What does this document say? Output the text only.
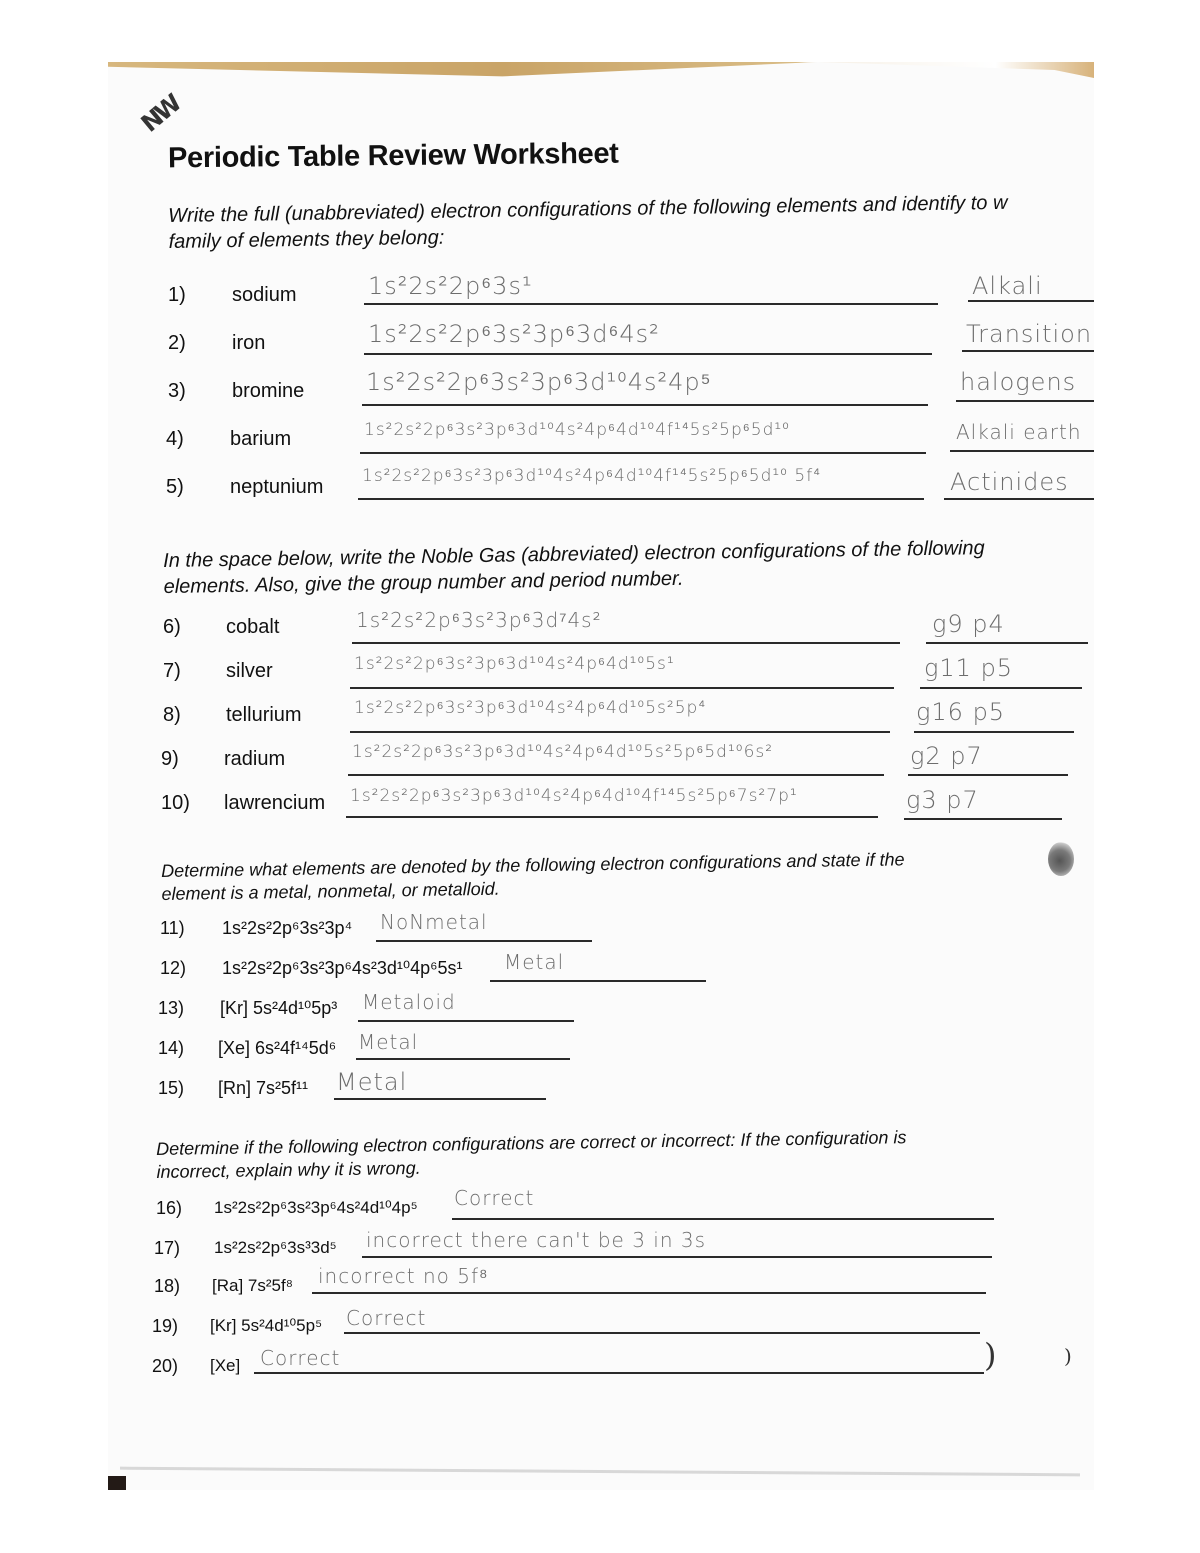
)	)
NW
Periodic Table Review Worksheet
Write the full (unabbreviated) electron configurations of the following elements and identify to w
family of elements they belong:
1) sodium	1s²2s²2p⁶3s¹	Alkali
2) iron	1s²2s²2p⁶3s²3p⁶3d⁶4s²	Transition
3) bromine	1s²2s²2p⁶3s²3p⁶3d¹⁰4s²4p⁵	halogens
4) barium	1s²2s²2p⁶3s²3p⁶3d¹⁰4s²4p⁶4d¹⁰4f¹⁴5s²5p⁶5d¹⁰	Alkali earth
5) neptunium 1s²2s²2p⁶3s²3p⁶3d¹⁰4s²4p⁶4d¹⁰4f¹⁴5s²5p⁶5d¹⁰ 5f⁴	Actinides
In the space below, write the Noble Gas (abbreviated) electron configurations of the following
elements. Also, give the group number and period number.
6) cobalt	1s²2s²2p⁶3s²3p⁶3d⁷4s²	g9 p4
7) silver	1s²2s²2p⁶3s²3p⁶3d¹⁰4s²4p⁶4d¹⁰5s¹	g11 p5
8) tellurium	1s²2s²2p⁶3s²3p⁶3d¹⁰4s²4p⁶4d¹⁰5s²5p⁴	g16 p5
9) radium	1s²2s²2p⁶3s²3p⁶3d¹⁰4s²4p⁶4d¹⁰5s²5p⁶5d¹⁰6s²	g2 p7
10) lawrencium 1s²2s²2p⁶3s²3p⁶3d¹⁰4s²4p⁶4d¹⁰4f¹⁴5s²5p⁶7s²7p¹	g3 p7
Determine what elements are denoted by the following electron configurations and state if the
element is a metal, nonmetal, or metalloid.
11) 1s²2s²2p⁶3s²3p⁴ NoNmetal
12) 1s²2s²2p⁶3s²3p⁶4s²3d¹⁰4p⁶5s¹ Metal
13) [Kr] 5s²4d¹⁰5p³ Metaloid
14) [Xe] 6s²4f¹⁴5d⁶ Metal
15) [Rn] 7s²5f¹¹ Metal
Determine if the following electron configurations are correct or incorrect: If the configuration is
incorrect, explain why it is wrong.
16) 1s²2s²2p⁶3s²3p⁶4s²4d¹⁰4p⁵ Correct
17) 1s²2s²2p⁶3s³3d⁵ incorrect there can't be 3 in 3s
18) [Ra] 7s²5f⁸ incorrect no 5f⁸
19) [Kr] 5s²4d¹⁰5p⁵ Correct
20) [Xe] Correct
